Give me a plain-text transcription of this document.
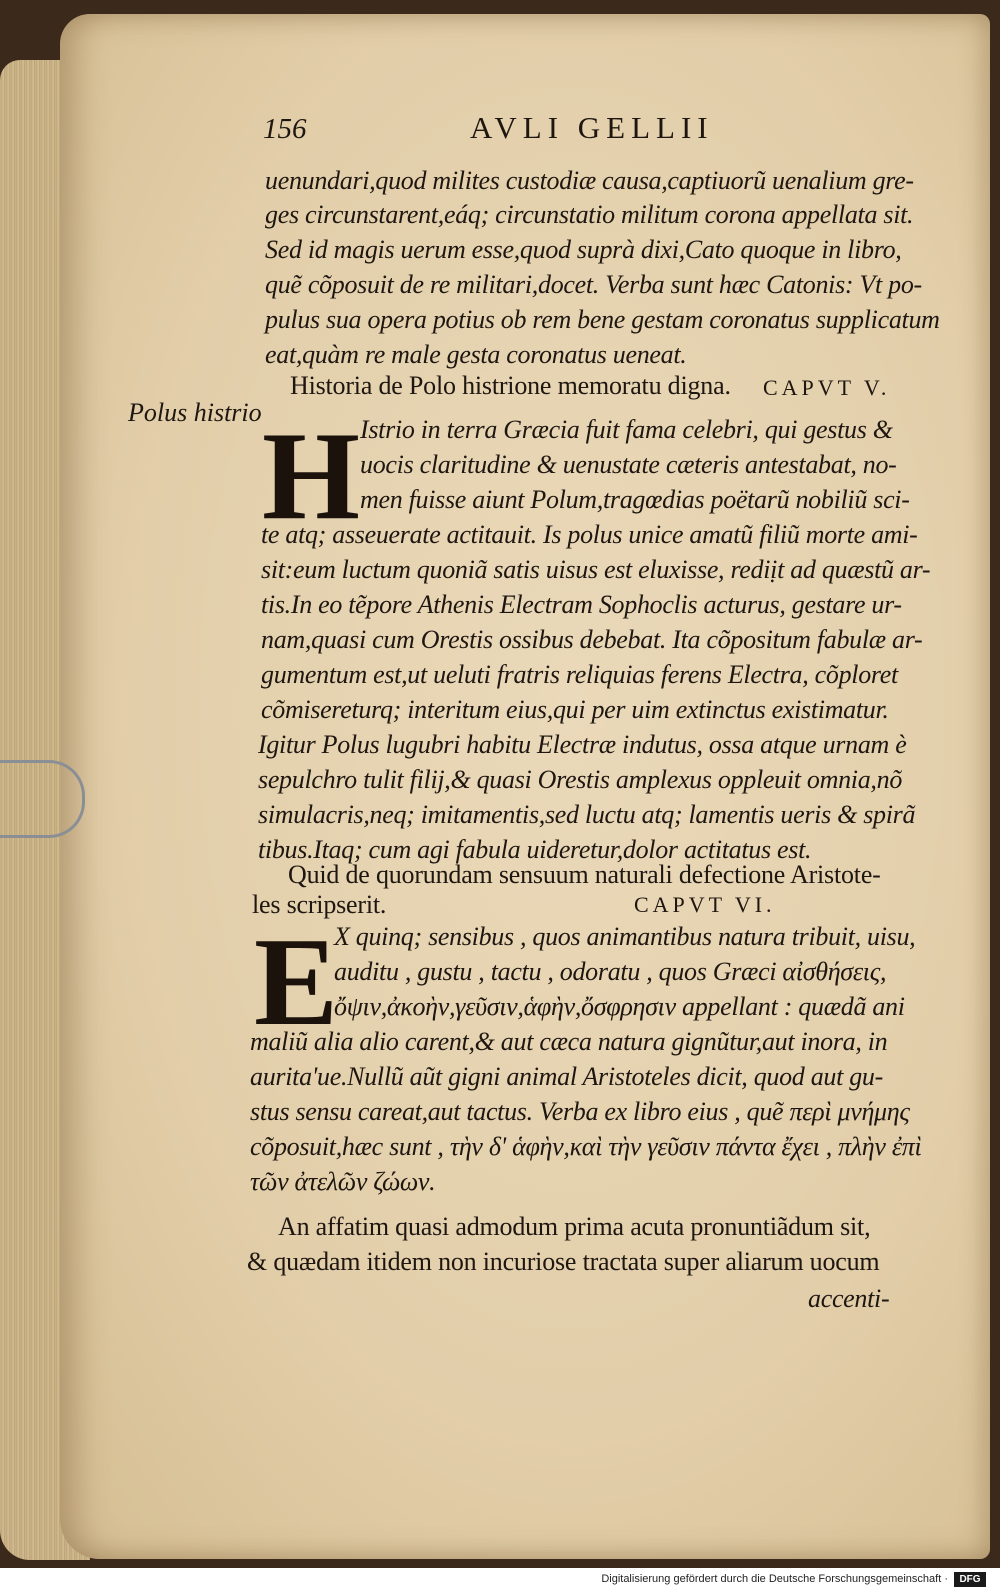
156	AVLI GELLII
uenundari,quod milites custodiæ causa,captiuorũ uenalium gre-
ges circunstarent,eáq; circunstatio militum corona appellata sit.
Sed id magis uerum esse,quod suprà dixi,Cato quoque in libro,
quẽ cõposuit de re militari,docet. Verba sunt hæc Catonis: Vt po-
pulus sua opera potius ob rem bene gestam coronatus supplicatum
eat,quàm re male gesta coronatus ueneat.
Historia de Polo histrione memoratu digna. CAPVT V.
Polus histrio H Istrio in terra Græcia fuit fama celebri, qui gestus &
uocis claritudine & uenustate cæteris antestabat, no-
men fuisse aiunt Polum,tragœdias poëtarũ nobiliũ sci-
te atq; asseuerate actitauit. Is polus unice amatũ filiũ morte ami-
sit:eum luctum quoniã satis uisus est eluxisse, rediịt ad quæstũ ar-
tis.In eo tẽpore Athenis Electram Sophoclis acturus, gestare ur-
nam,quasi cum Orestis ossibus debebat. Ita cõpositum fabulæ ar-
gumentum est,ut ueluti fratris reliquias ferens Electra, cõploret
cõmisereturq; interitum eius,qui per uim extinctus existimatur.
Igitur Polus lugubri habitu Electræ indutus, ossa atque urnam è
sepulchro tulit filij,& quasi Orestis amplexus oppleuit omnia,nõ
simulacris,neq; imitamentis,sed luctu atq; lamentis ueris & spirã
tibus.Itaq; cum agi fabula uideretur,dolor actitatus est.
Quid de quorundam sensuum naturali defectione Aristote-
les scripserit.	CAPVT VI.
E
X quinq; sensibus , quos animantibus natura tribuit, uisu,
auditu , gustu , tactu , odoratu , quos Græci αἰσθήσεις,
ὄψιν,ἀκοὴν,γεῦσιν,ἁφὴν,ὄσφρησιν appellant : quædã ani
maliũ alia alio carent,& aut cæca natura gignũtur,aut inora, in
aurita'ue.Nullũ aũt gigni animal Aristoteles dicit, quod aut gu-
stus sensu careat,aut tactus. Verba ex libro eius , quẽ περὶ μνήμης
cõposuit,hæc sunt , τὴν δ' ἁφὴν,καὶ τὴν γεῦσιν πάντα ἔχει , πλὴν ἐπὶ
τῶν ἀτελῶν ζώων.
An affatim quasi admodum prima acuta pronuntiãdum sit,
& quædam itidem non incuriose tractata super aliarum uocum
accenti-
Digitalisierung gefördert durch die Deutsche Forschungsgemeinschaft ·	DFG
